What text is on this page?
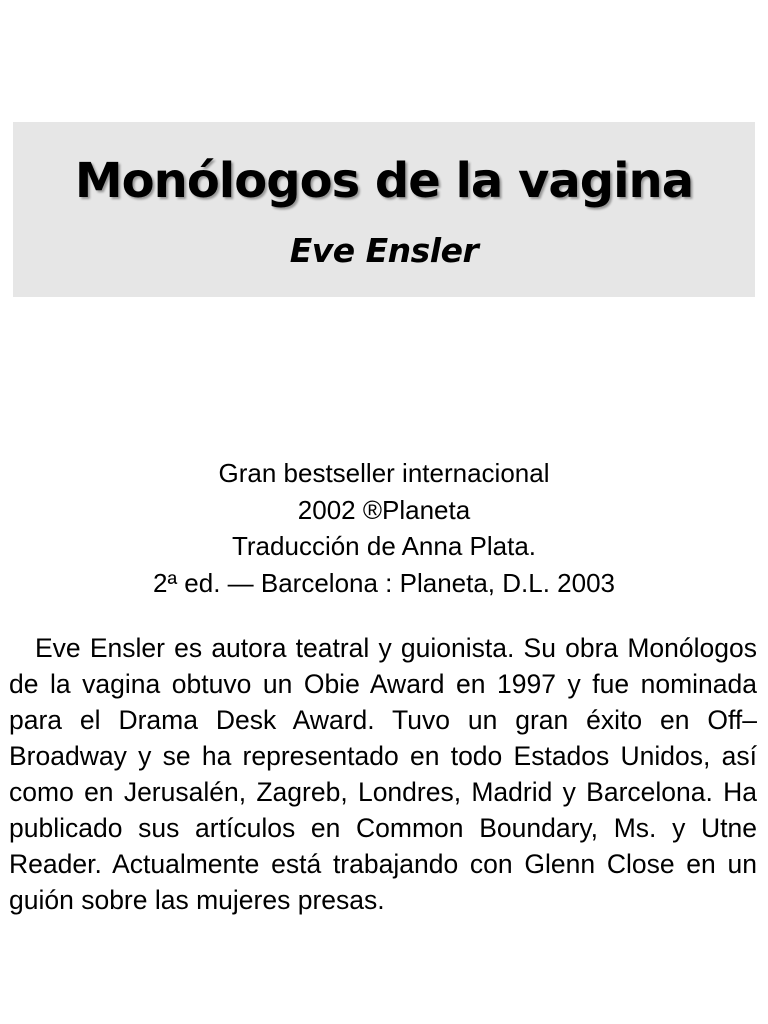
Monólogos de la vagina
Eve Ensler
Gran bestseller internacional
2002 ®Planeta
Traducción de Anna Plata.
2ª ed. — Barcelona : Planeta, D.L. 2003

Eve Ensler es autora teatral y guionista. Su obra Monólogos de la vagina obtuvo un Obie Award en 1997 y fue nominada para el Drama Desk Award. Tuvo un gran éxito en Off–Broadway y se ha representado en todo Estados Unidos, así como en Jerusalén, Zagreb, Londres, Madrid y Barcelona. Ha publicado sus artículos en Common Boundary, Ms. y Utne Reader. Actualmente está trabajando con Glenn Close en un guión sobre las mujeres presas.
